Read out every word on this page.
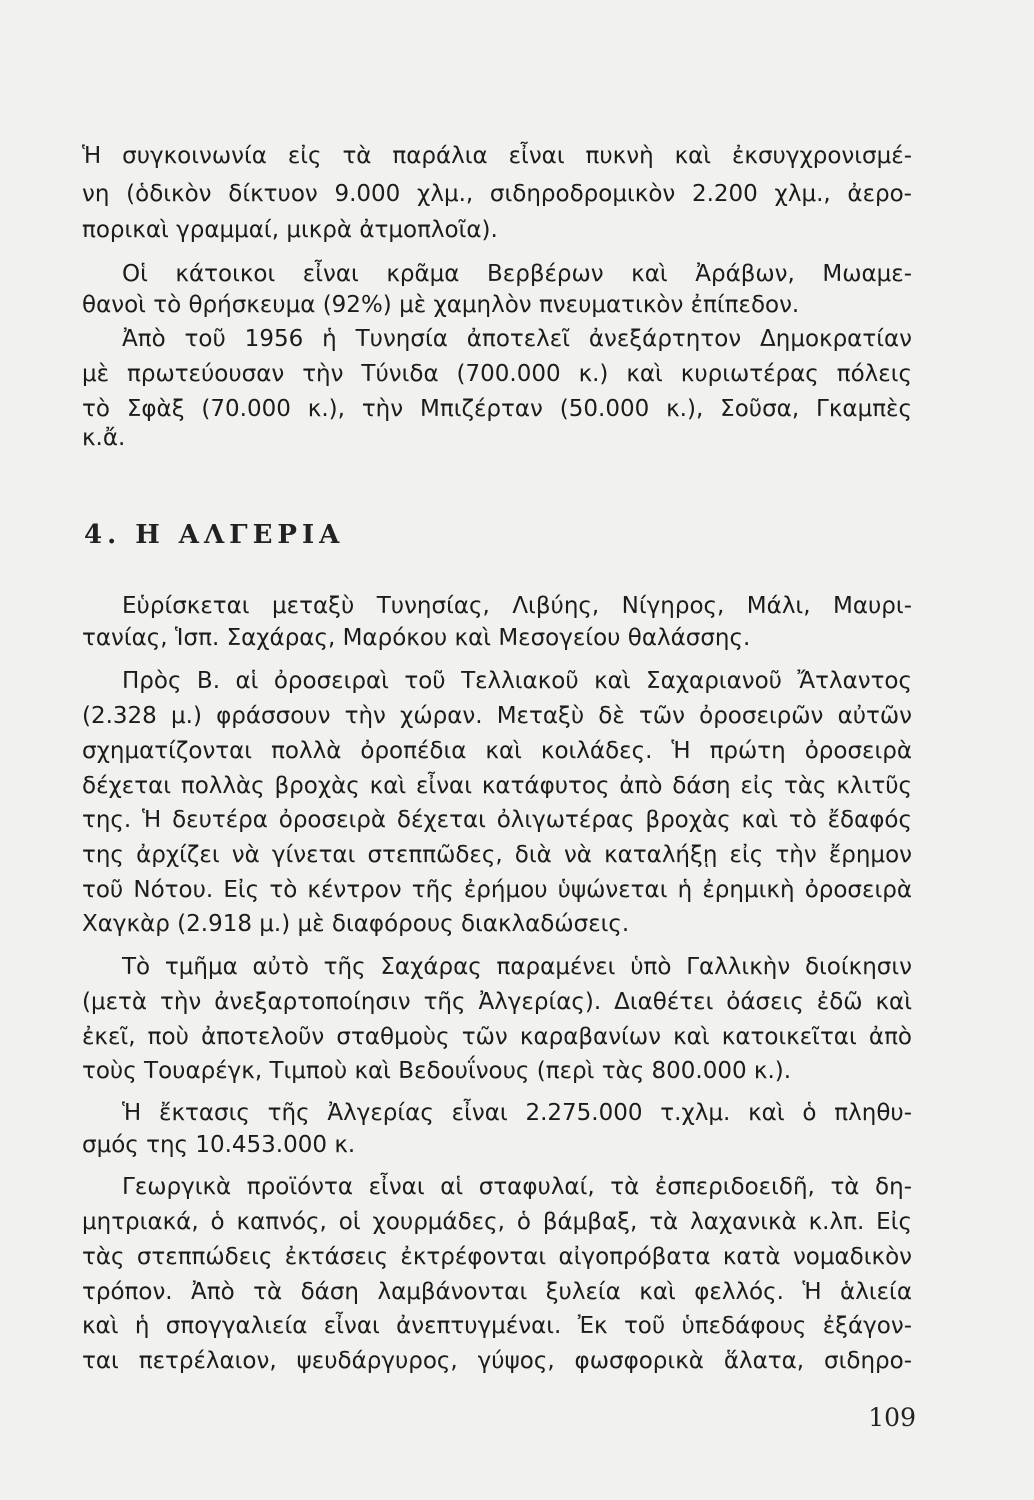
Ἡ συγκοινωνία εἰς τὰ παράλια εἶναι πυκνὴ καὶ ἐκσυγχρονισμέ-
νη (ὁδικὸν δίκτυον 9.000 χλμ., σιδηροδρομικὸν 2.200 χλμ., ἀερο-
πορικαὶ γραμμαί, μικρὰ ἀτμοπλοῖα).
Οἱ κάτοικοι εἶναι κρᾶμα Βερβέρων καὶ Ἀράβων, Μωαμε-
θανοὶ τὸ θρήσκευμα (92%) μὲ χαμηλὸν πνευματικὸν ἐπίπεδον.
Ἀπὸ τοῦ 1956 ἡ Τυνησία ἀποτελεῖ ἀνεξάρτητον Δημοκρατίαν
μὲ πρωτεύουσαν τὴν Τύνιδα (700.000 κ.) καὶ κυριωτέρας πόλεις
τὸ Σφὰξ (70.000 κ.), τὴν Μπιζέρταν (50.000 κ.), Σοῦσα, Γκαμπὲς
κ.ἄ.
4. Η ΑΛΓΕΡΙΑ
Εὑρίσκεται μεταξὺ Τυνησίας, Λιβύης, Νίγηρος, Μάλι, Μαυρι-
τανίας, Ἱσπ. Σαχάρας, Μαρόκου καὶ Μεσογείου θαλάσσης.
Πρὸς Β. αἱ ὀροσειραὶ τοῦ Τελλιακοῦ καὶ Σαχαριανοῦ Ἄτλαντος
(2.328 μ.) φράσσουν τὴν χώραν. Μεταξὺ δὲ τῶν ὀροσειρῶν αὐτῶν
σχηματίζονται πολλὰ ὀροπέδια καὶ κοιλάδες. Ἡ πρώτη ὀροσειρὰ
δέχεται πολλὰς βροχὰς καὶ εἶναι κατάφυτος ἀπὸ δάση εἰς τὰς κλιτῦς
της. Ἡ δευτέρα ὀροσειρὰ δέχεται ὀλιγωτέρας βροχὰς καὶ τὸ ἔδαφός
της ἀρχίζει νὰ γίνεται στεππῶδες, διὰ νὰ καταλήξῃ εἰς τὴν ἔρημον
τοῦ Νότου. Εἰς τὸ κέντρον τῆς ἐρήμου ὑψώνεται ἡ ἐρημικὴ ὀροσειρὰ
Χαγκὰρ (2.918 μ.) μὲ διαφόρους διακλαδώσεις.
Τὸ τμῆμα αὐτὸ τῆς Σαχάρας παραμένει ὑπὸ Γαλλικὴν διοίκησιν
(μετὰ τὴν ἀνεξαρτοποίησιν τῆς Ἀλγερίας). Διαθέτει ὀάσεις ἐδῶ καὶ
ἐκεῖ, ποὺ ἀποτελοῦν σταθμοὺς τῶν καραβανίων καὶ κατοικεῖται ἀπὸ
τοὺς Τουαρέγκ, Τιμποὺ καὶ Βεδουΐνους (περὶ τὰς 800.000 κ.).
Ἡ ἔκτασις τῆς Ἀλγερίας εἶναι 2.275.000 τ.χλμ. καὶ ὁ πληθυ-
σμός της 10.453.000 κ.
Γεωργικὰ προϊόντα εἶναι αἱ σταφυλαί, τὰ ἐσπεριδοειδῆ, τὰ δη-
μητριακά, ὁ καπνός, οἱ χουρμάδες, ὁ βάμβαξ, τὰ λαχανικὰ κ.λπ. Εἰς
τὰς στεππώδεις ἐκτάσεις ἐκτρέφονται αἰγοπρόβατα κατὰ νομαδικὸν
τρόπον. Ἀπὸ τὰ δάση λαμβάνονται ξυλεία καὶ φελλός. Ἡ ἁλιεία
καὶ ἡ σπογγαλιεία εἶναι ἀνεπτυγμέναι. Ἐκ τοῦ ὑπεδάφους ἐξάγον-
ται πετρέλαιον, ψευδάργυρος, γύψος, φωσφορικὰ ἅλατα, σιδηρο-
109
